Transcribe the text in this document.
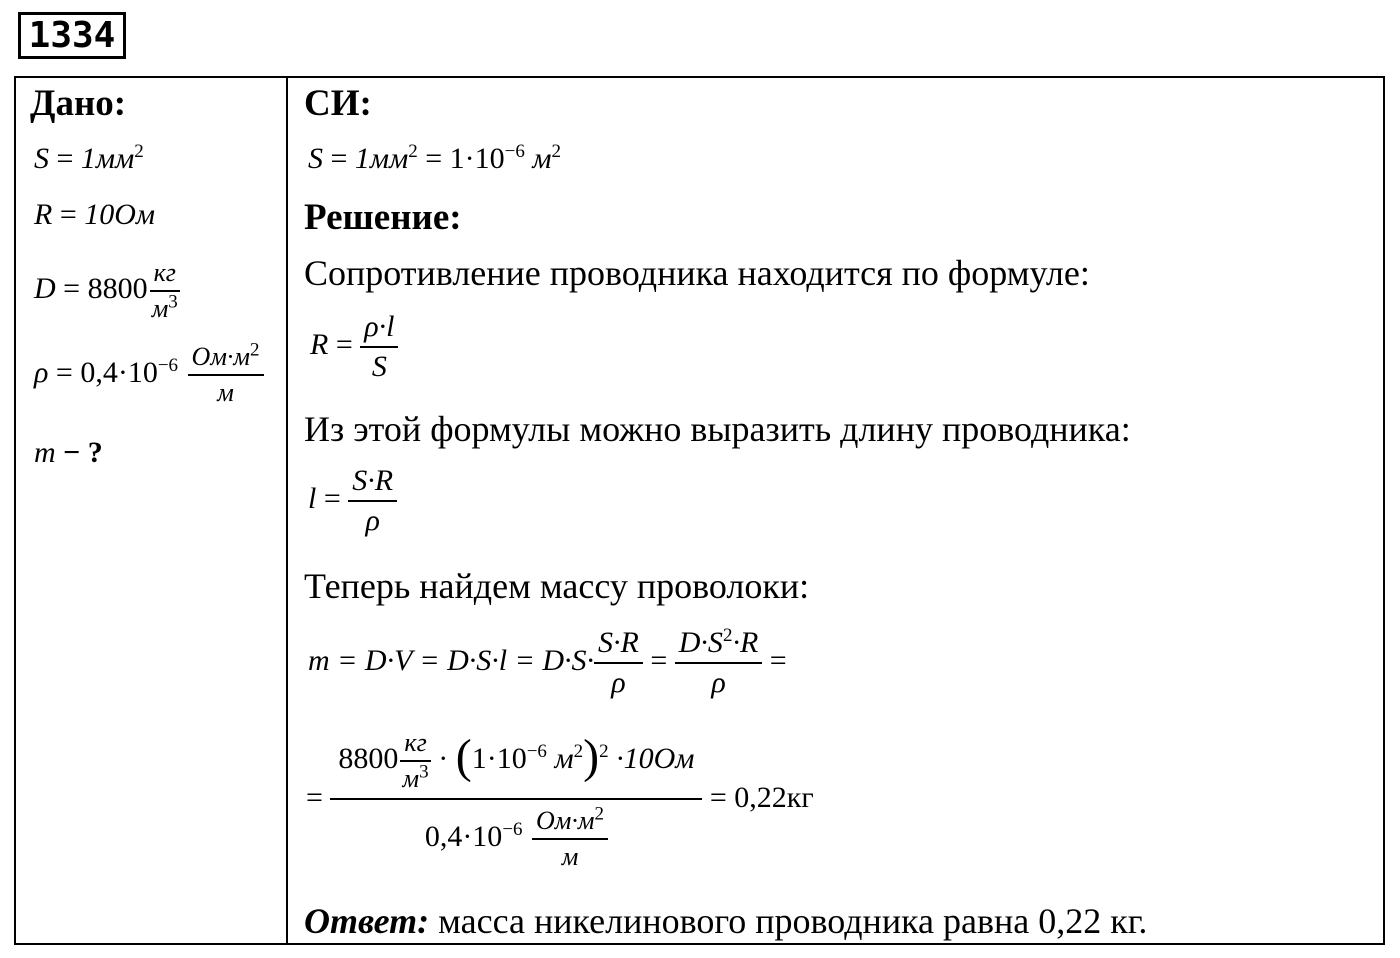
1334
Дано:
$S = 1мм^2$
R = 10Ом
$D = 8800 \frac{кг}{м^3}$
$\rho = 0,4\cdot 10^{-6} \frac{Ом\cdot м^2}{м}$
m − ?
СИ:
$S = 1мм^2 = 1\cdot 10^{-6}$ $м^2$
Решение:
Сопротивление проводника находится по формуле:
$R = \frac{\rho\cdot l}{S}$
Из этой формулы можно выразить длину проводника:
$l = \frac{S\cdot R}{\rho}$
Теперь найдем массу проволоки:
$m = D\cdot V = D\cdot S\cdot l = D\cdot S\cdot \frac{S\cdot R}{\rho} = \frac{D\cdot S^2\cdot R}{\rho}$ =
= $\frac{8800 \frac{кг}{м^3} \cdot (1\cdot 10^{-6} м^2)^2 \cdot 10Ом}{0,4\cdot 10^{-6} \frac{Ом\cdot м^2}{м}} = 0,22кг$
Ответ: масса никелинового проводника равна 0,22 кг.
